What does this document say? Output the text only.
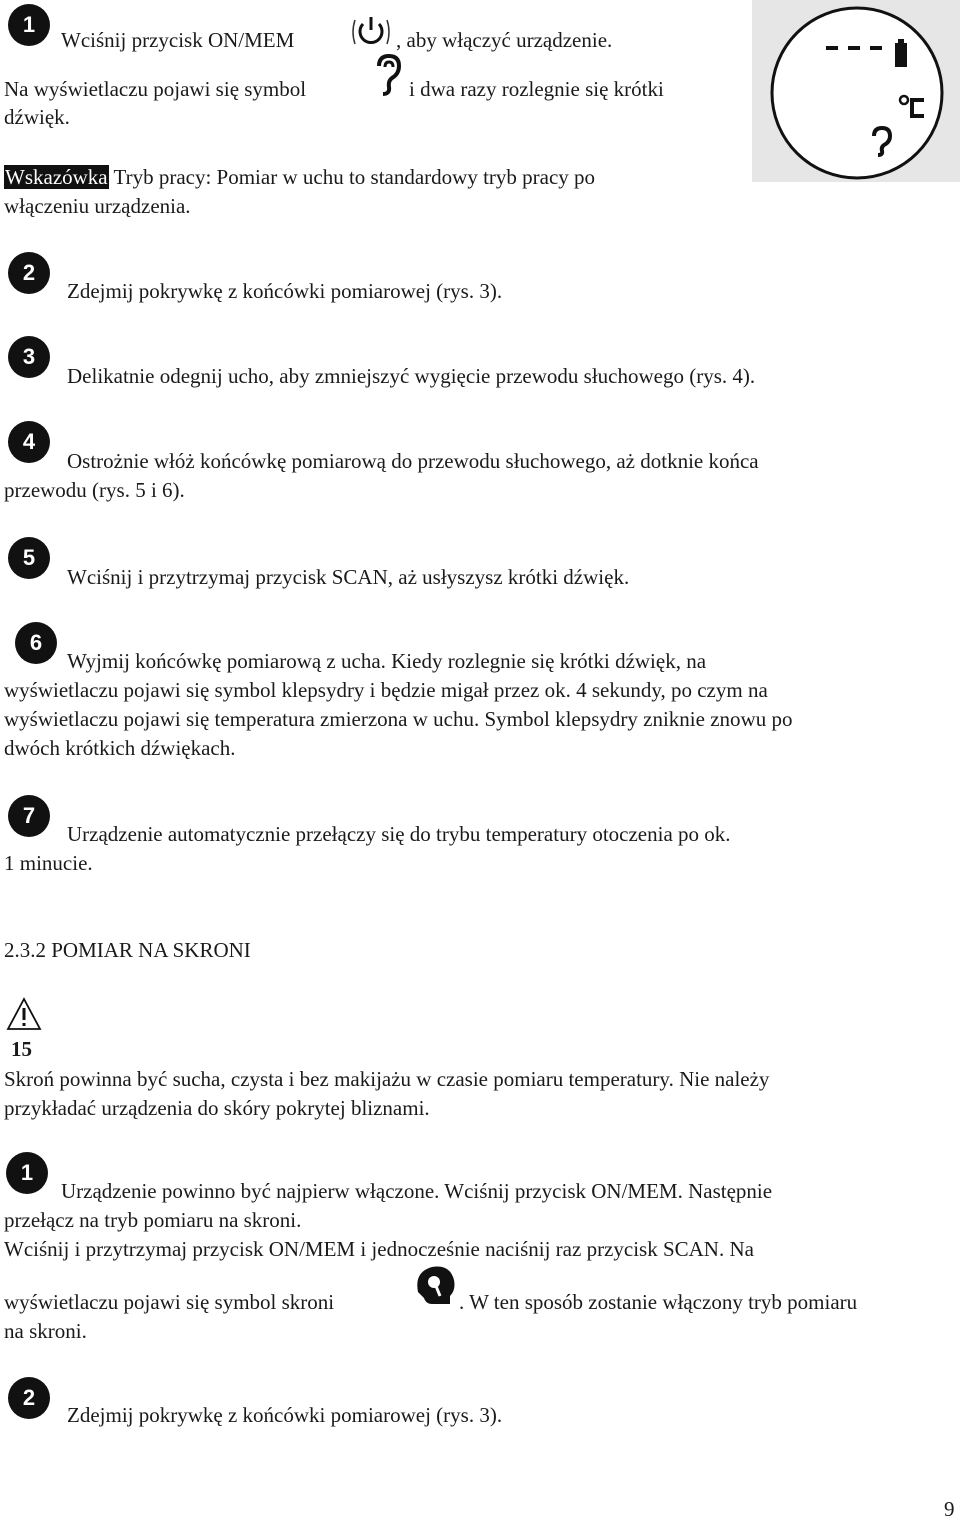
1
Wciśnij przycisk ON/MEM	, aby włączyć urządzenie.
Na wyświetlaczu pojawi się symbol	i dwa razy rozlegnie się krótki
dźwięk.
Wskazówka Tryb pracy: Pomiar w uchu to standardowy tryb pracy po
włączeniu urządzenia.
2
Zdejmij pokrywkę z końcówki pomiarowej (rys. 3).
3
Delikatnie odegnij ucho, aby zmniejszyć wygięcie przewodu słuchowego (rys. 4).
4
Ostrożnie włóż końcówkę pomiarową do przewodu słuchowego, aż dotknie końca
przewodu (rys. 5 i 6).
5
Wciśnij i przytrzymaj przycisk SCAN, aż usłyszysz krótki dźwięk.
6
Wyjmij końcówkę pomiarową z ucha. Kiedy rozlegnie się krótki dźwięk, na
wyświetlaczu pojawi się symbol klepsydry i będzie migał przez ok. 4 sekundy, po czym na
wyświetlaczu pojawi się temperatura zmierzona w uchu. Symbol klepsydry zniknie znowu po
dwóch krótkich dźwiękach.
7
Urządzenie automatycznie przełączy się do trybu temperatury otoczenia po ok.
1 minucie.
2.3.2 POMIAR NA SKRONI
15
Skroń powinna być sucha, czysta i bez makijażu w czasie pomiaru temperatury. Nie należy
przykładać urządzenia do skóry pokrytej bliznami.
1
Urządzenie powinno być najpierw włączone. Wciśnij przycisk ON/MEM. Następnie
przełącz na tryb pomiaru na skroni.
Wciśnij i przytrzymaj przycisk ON/MEM i jednocześnie naciśnij raz przycisk SCAN. Na
wyświetlaczu pojawi się symbol skroni	. W ten sposób zostanie włączony tryb pomiaru
na skroni.
2
Zdejmij pokrywkę z końcówki pomiarowej (rys. 3).
9
